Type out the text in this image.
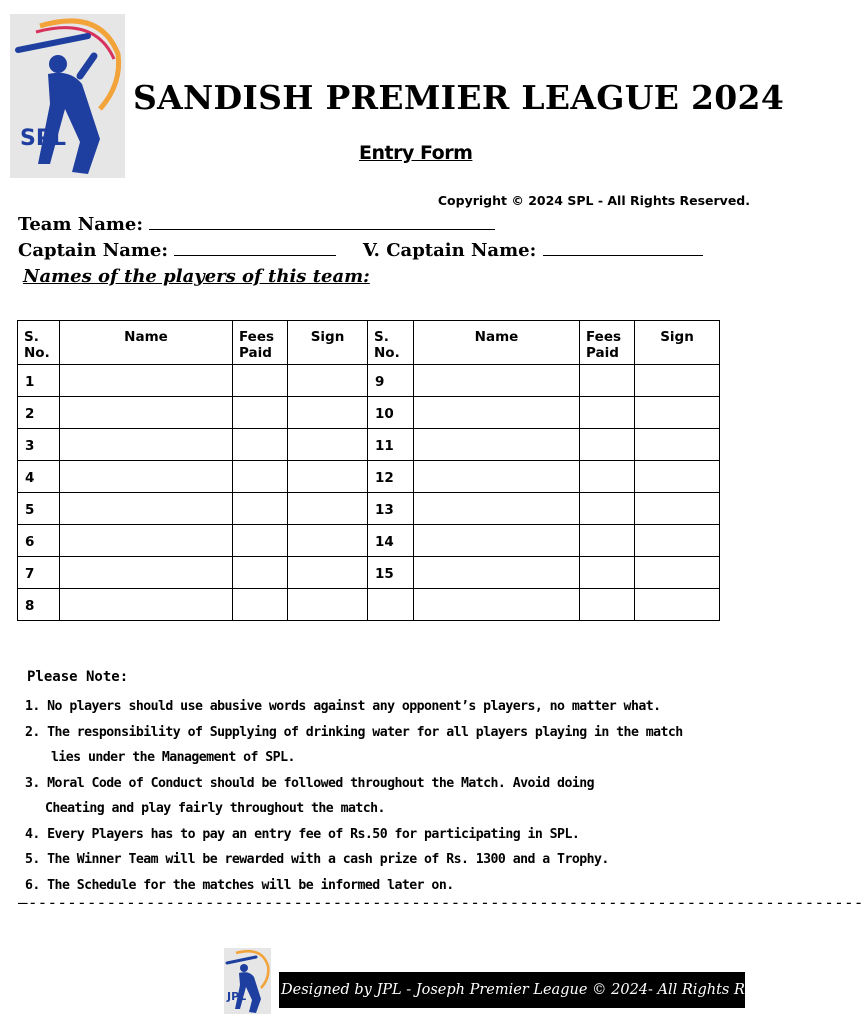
SPL
SANDISH PREMIER LEAGUE 2024
Entry Form
Copyright © 2024 SPL - All Rights Reserved.
Team Name:
Captain Name:	V. Captain Name:
Names of the players of this team:
S. No.	Name	Fees Paid	Sign	S. No.	Name	Fees Paid	Sign
1				9			
2				10			
3				11			
4				12			
5				13			
6				14			
7				15			
8							
Please Note:
1. No players should use abusive words against any opponent’s players, no matter what.
2. The responsibility of Supplying of drinking water for all players playing in the match
lies under the Management of SPL.
3. Moral Code of Conduct should be followed throughout the Match. Avoid doing
Cheating and play fairly throughout the match.
4. Every Players has to pay an entry fee of Rs.50 for participating in SPL.
5. The Winner Team will be rewarded with a cash prize of Rs. 1300 and a Trophy.
6. The Schedule for the matches will be informed later on.
—-------------------------------------------------------------------------------------
JPL Designed by JPL - Joseph Premier League © 2024- All Rights Reserved.
